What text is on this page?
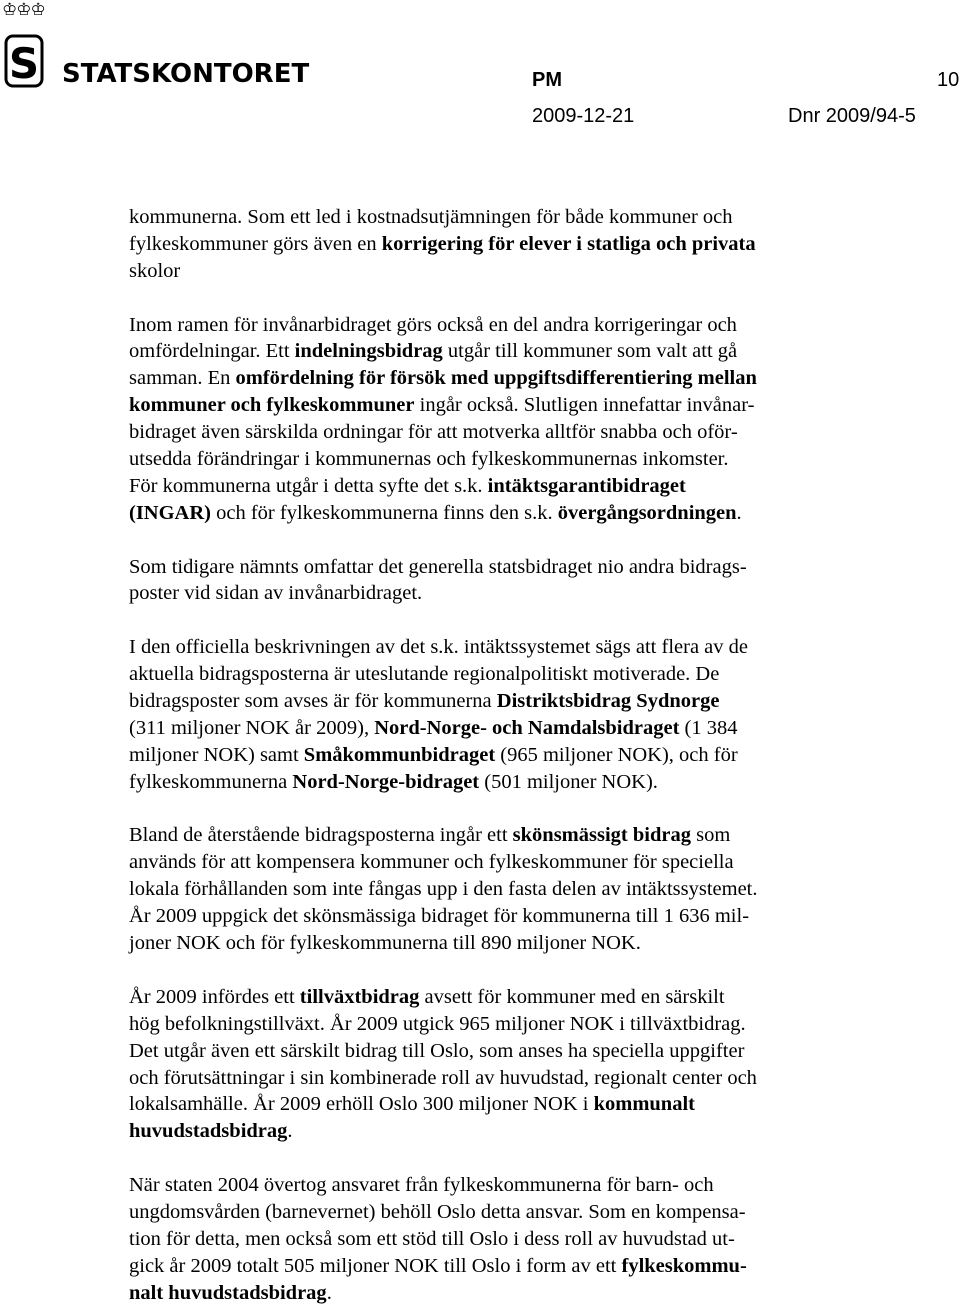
♔♔♔
S STATSKONTORET	PM	10
2009-12-21	Dnr 2009/94-5

kommunerna. Som ett led i kostnadsutjämningen för både kommuner och
fylkeskommuner görs även en korrigering för elever i statliga och privata
skolor

Inom ramen för invånarbidraget görs också en del andra korrigeringar och
omfördelningar. Ett indelningsbidrag utgår till kommuner som valt att gå
samman. En omfördelning för försök med uppgiftsdifferentiering mellan
kommuner och fylkeskommuner ingår också. Slutligen innefattar invånar-
bidraget även särskilda ordningar för att motverka alltför snabba och oför-
utsedda förändringar i kommunernas och fylkeskommunernas inkomster.
För kommunerna utgår i detta syfte det s.k. intäktsgarantibidraget
(INGAR) och för fylkeskommunerna finns den s.k. övergångsordningen.

Som tidigare nämnts omfattar det generella statsbidraget nio andra bidrags-
poster vid sidan av invånarbidraget.

I den officiella beskrivningen av det s.k. intäktssystemet sägs att flera av de
aktuella bidragsposterna är uteslutande regionalpolitiskt motiverade. De
bidragsposter som avses är för kommunerna Distriktsbidrag Sydnorge
(311 miljoner NOK år 2009), Nord-Norge- och Namdalsbidraget (1 384
miljoner NOK) samt Småkommunbidraget (965 miljoner NOK), och för
fylkeskommunerna Nord-Norge-bidraget (501 miljoner NOK).

Bland de återstående bidragsposterna ingår ett skönsmässigt bidrag som
används för att kompensera kommuner och fylkeskommuner för speciella
lokala förhållanden som inte fångas upp i den fasta delen av intäktssystemet.
År 2009 uppgick det skönsmässiga bidraget för kommunerna till 1 636 mil-
joner NOK och för fylkeskommunerna till 890 miljoner NOK.

År 2009 infördes ett tillväxtbidrag avsett för kommuner med en särskilt
hög befolkningstillväxt. År 2009 utgick 965 miljoner NOK i tillväxtbidrag.
Det utgår även ett särskilt bidrag till Oslo, som anses ha speciella uppgifter
och förutsättningar i sin kombinerade roll av huvudstad, regionalt center och
lokalsamhälle. År 2009 erhöll Oslo 300 miljoner NOK i kommunalt
huvudstadsbidrag.

När staten 2004 övertog ansvaret från fylkeskommunerna för barn- och
ungdomsvården (barnevernet) behöll Oslo detta ansvar. Som en kompensa-
tion för detta, men också som ett stöd till Oslo i dess roll av huvudstad ut-
gick år 2009 totalt 505 miljoner NOK till Oslo i form av ett fylkeskommu-
nalt huvudstadsbidrag.
